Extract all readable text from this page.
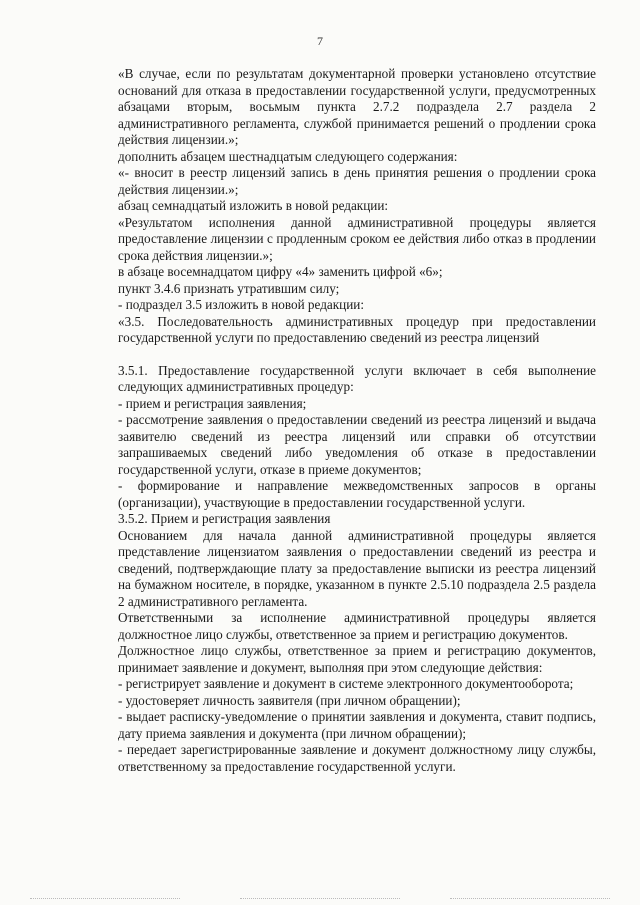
7

«В случае, если по результатам документарной проверки установлено отсутствие оснований для отказа в предоставлении государственной услуги, предусмотренных абзацами вторым, восьмым пункта 2.7.2 подраздела 2.7 раздела 2 административного регламента, службой принимается решений о продлении срока действия лицензии.»;

дополнить абзацем шестнадцатым следующего содержания:

«- вносит в реестр лицензий запись в день принятия решения о продлении срока действия лицензии.»;

абзац семнадцатый изложить в новой редакции:

«Результатом исполнения данной административной процедуры является предоставление лицензии с продленным сроком ее действия либо отказ в продлении срока действия лицензии.»;

в абзаце восемнадцатом цифру «4» заменить цифрой «6»;

пункт 3.4.6 признать утратившим силу;

- подраздел 3.5 изложить в новой редакции:

«3.5. Последовательность административных процедур при предоставлении государственной услуги по предоставлению сведений из реестра лицензий

3.5.1. Предоставление государственной услуги включает в себя выполнение следующих административных процедур:

- прием и регистрация заявления;

- рассмотрение заявления о предоставлении сведений из реестра лицензий и выдача заявителю сведений из реестра лицензий или справки об отсутствии запрашиваемых сведений либо уведомления об отказе в предоставлении государственной услуги, отказе в приеме документов;

- формирование и направление межведомственных запросов в органы (организации), участвующие в предоставлении государственной услуги.

3.5.2. Прием и регистрация заявления

Основанием для начала данной административной процедуры является представление лицензиатом заявления о предоставлении сведений из реестра и сведений, подтверждающие плату за предоставление выписки из реестра лицензий на бумажном носителе, в порядке, указанном в пункте 2.5.10 подраздела 2.5 раздела 2 административного регламента.

Ответственными за исполнение административной процедуры является должностное лицо службы, ответственное за прием и регистрацию документов.

Должностное лицо службы, ответственное за прием и регистрацию документов, принимает заявление и документ, выполняя при этом следующие действия:

- регистрирует заявление и документ в системе электронного документооборота;

- удостоверяет личность заявителя (при личном обращении);

- выдает расписку-уведомление о принятии заявления и документа, ставит подпись, дату приема заявления и документа (при личном обращении);

- передает зарегистрированные заявление и документ должностному лицу службы, ответственному за предоставление государственной услуги.
